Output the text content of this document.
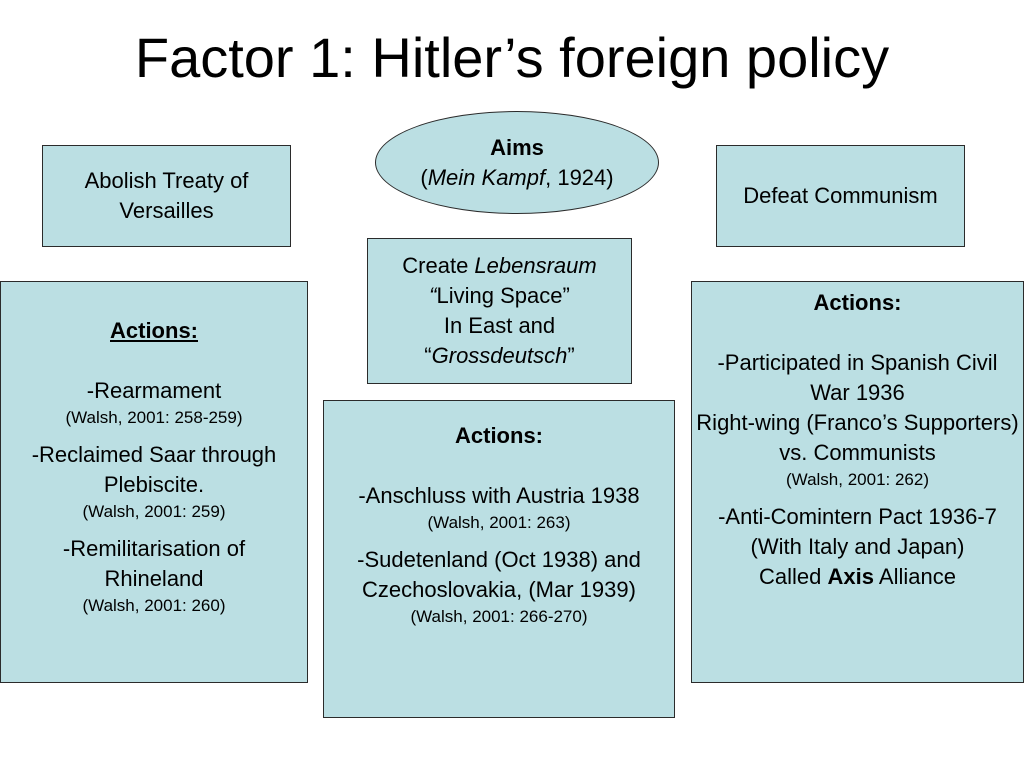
Factor 1: Hitler’s foreign policy
Aims
(Mein Kampf, 1924)
Abolish Treaty of Versailles
Defeat Communism
Create Lebensraum
“Living Space”
In East and
“Grossdeutsch”
Actions:
-Rearmament
(Walsh, 2001: 258-259)
-Reclaimed Saar through Plebiscite.
(Walsh, 2001: 259)
-Remilitarisation of Rhineland
(Walsh, 2001: 260)
Actions:
-Anschluss with Austria 1938
(Walsh, 2001: 263)
-Sudetenland (Oct 1938) and Czechoslovakia, (Mar 1939)
(Walsh, 2001: 266-270)
Actions:
-Participated in Spanish Civil War 1936
Right-wing (Franco’s Supporters) vs. Communists
(Walsh, 2001: 262)
-Anti-Comintern Pact 1936-7
(With Italy and Japan)
Called Axis Alliance
